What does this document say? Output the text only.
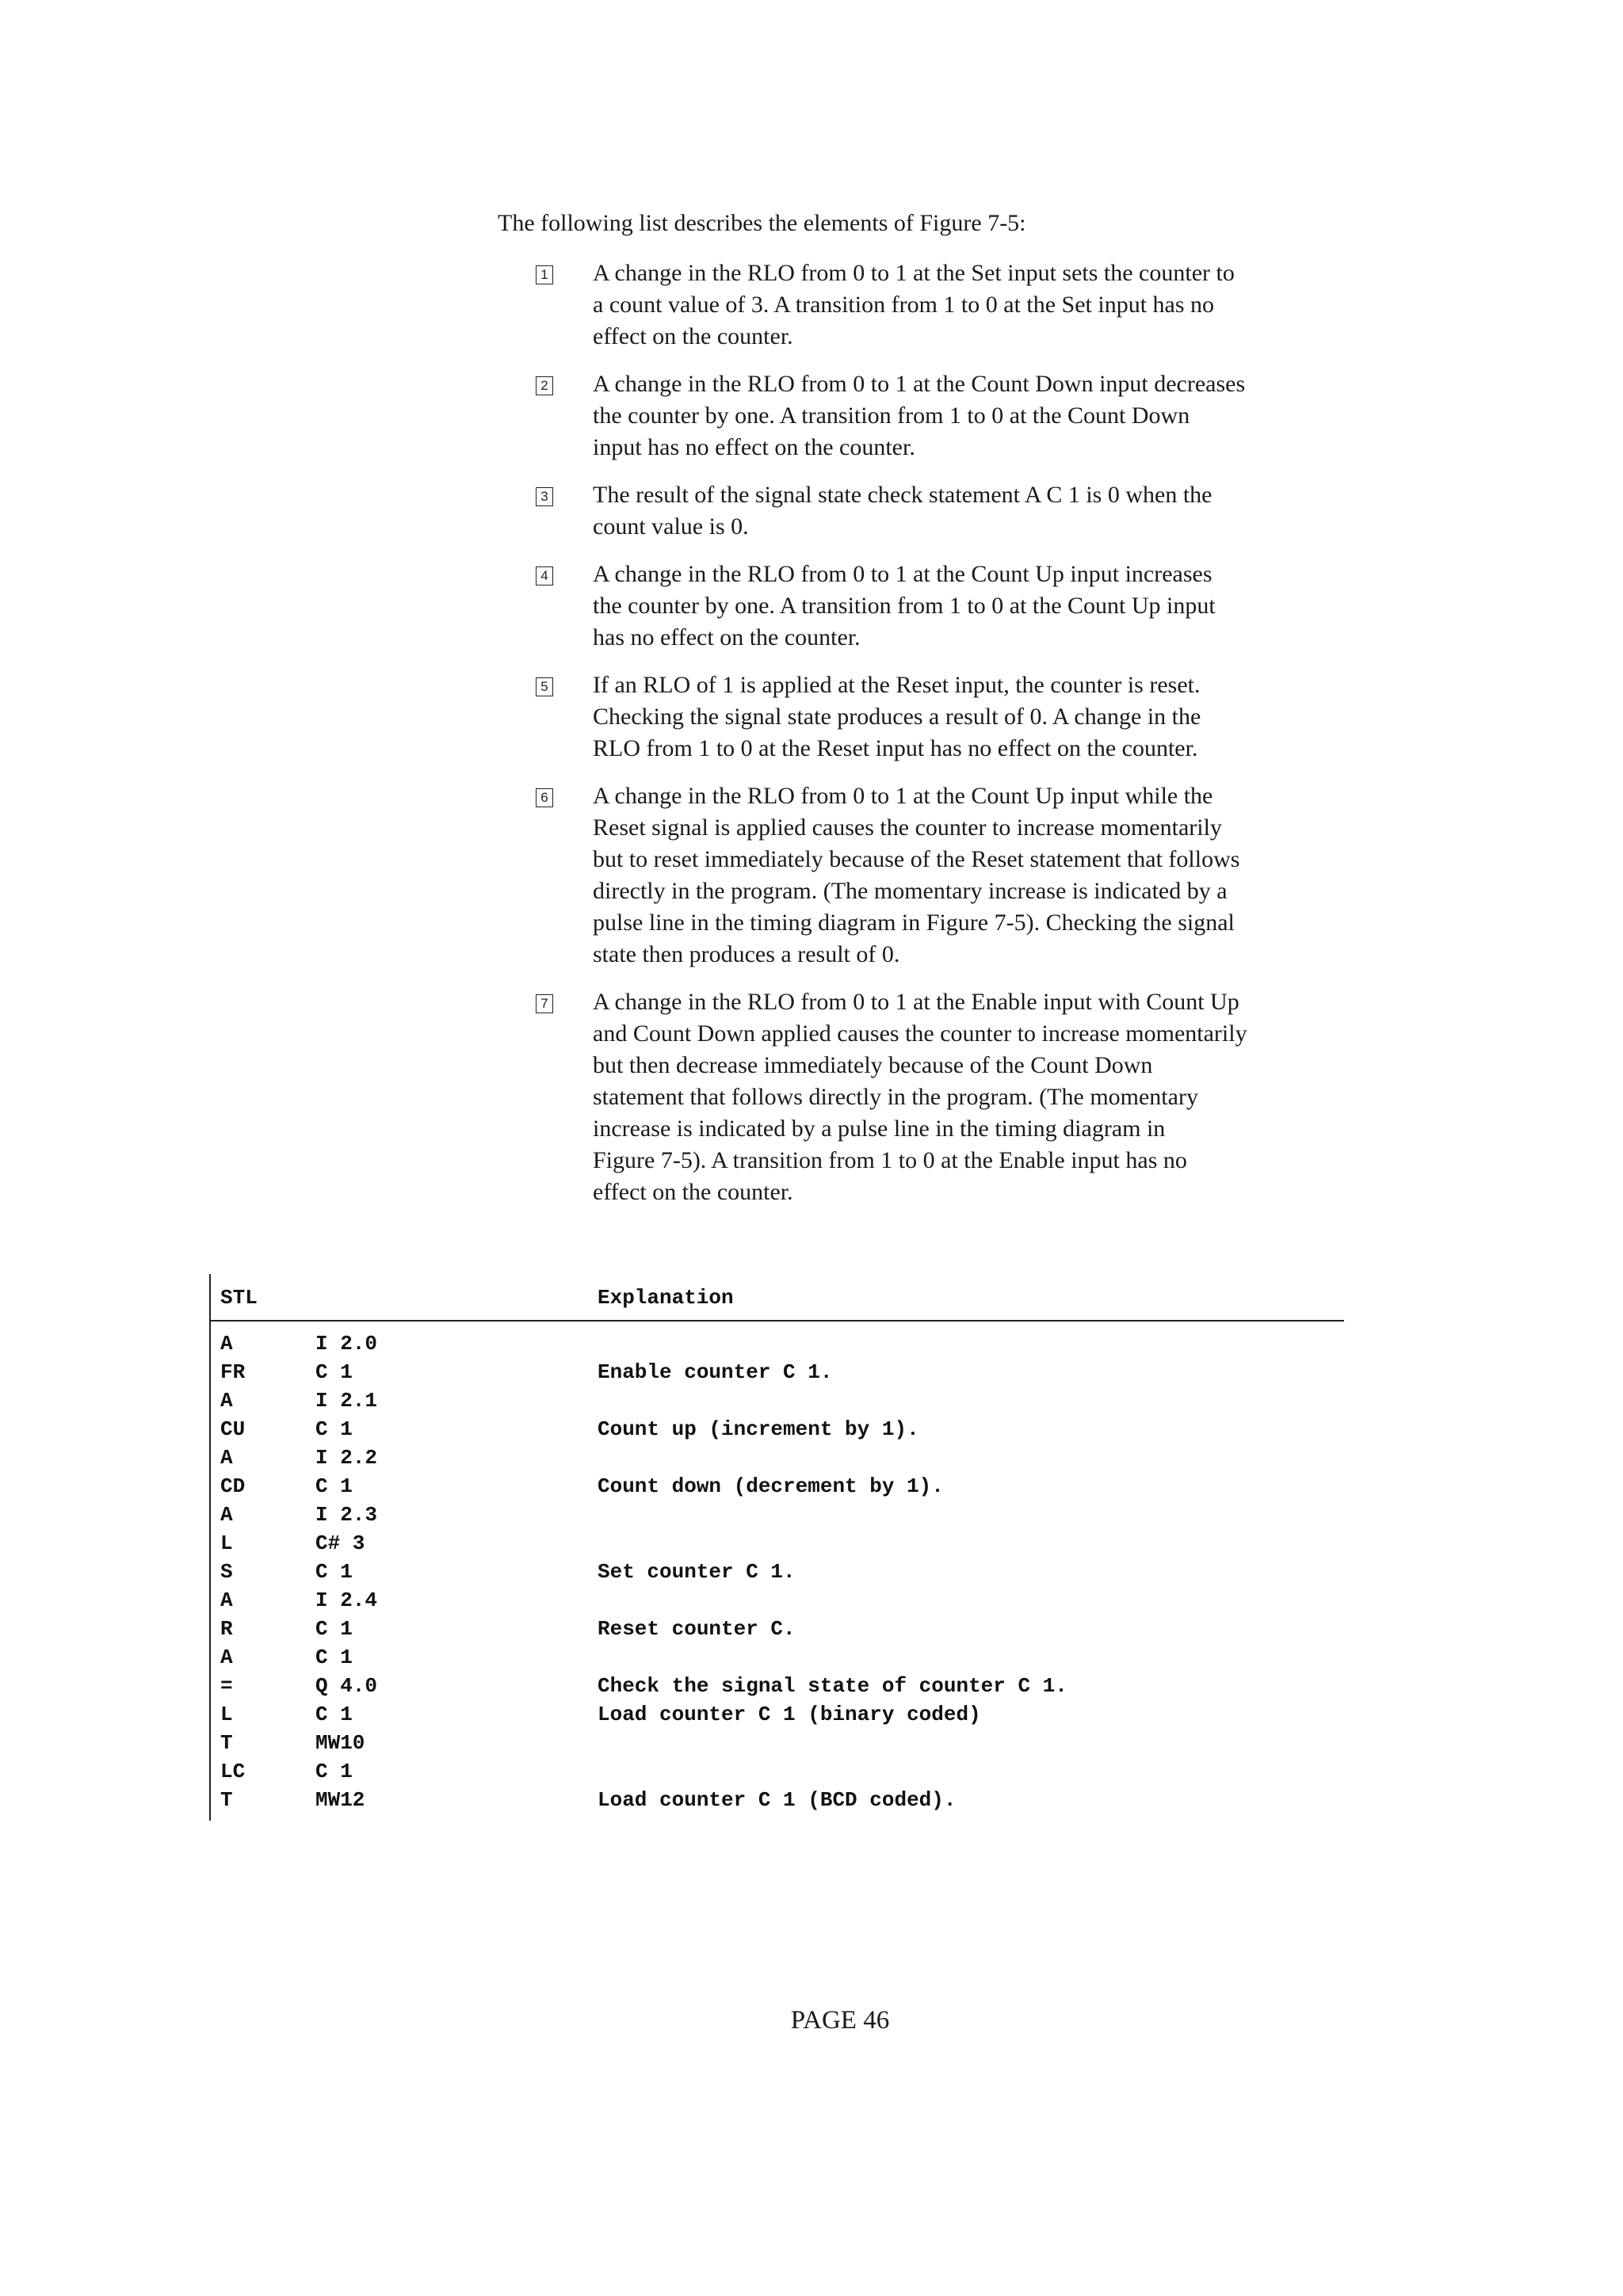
The following list describes the elements of Figure 7-5:
1 A change in the RLO from 0 to 1 at the Set input sets the counter to
a count value of 3. A transition from 1 to 0 at the Set input has no
effect on the counter.

2 A change in the RLO from 0 to 1 at the Count Down input decreases
the counter by one. A transition from 1 to 0 at the Count Down
input has no effect on the counter.

3 The result of the signal state check statement A C 1 is 0 when the
count value is 0.

4 A change in the RLO from 0 to 1 at the Count Up input increases
the counter by one. A transition from 1 to 0 at the Count Up input
has no effect on the counter.

5 If an RLO of 1 is applied at the Reset input, the counter is reset.
Checking the signal state produces a result of 0. A change in the
RLO from 1 to 0 at the Reset input has no effect on the counter.

6 A change in the RLO from 0 to 1 at the Count Up input while the
Reset signal is applied causes the counter to increase momentarily
but to reset immediately because of the Reset statement that follows
directly in the program. (The momentary increase is indicated by a
pulse line in the timing diagram in Figure 7-5). Checking the signal
state then produces a result of 0.

7 A change in the RLO from 0 to 1 at the Enable input with Count Up
and Count Down applied causes the counter to increase momentarily
but then decrease immediately because of the Count Down
statement that follows directly in the program. (The momentary
increase is indicated by a pulse line in the timing diagram in
Figure 7-5). A transition from 1 to 0 at the Enable input has no
effect on the counter.

STL	Explanation
A	I 2.0
FR	C 1	Enable counter C 1.
A	I 2.1
CU	C 1	Count up (increment by 1).
A	I 2.2
CD	C 1	Count down (decrement by 1).
A	I 2.3
L	C# 3
S	C 1	Set counter C 1.
A	I 2.4
R	C 1	Reset counter C.
A	C 1
=	Q 4.0	Check the signal state of counter C 1.
L	C 1	Load counter C 1 (binary coded)
T	MW10
LC	C 1
T	MW12	Load counter C 1 (BCD coded).
PAGE 46
